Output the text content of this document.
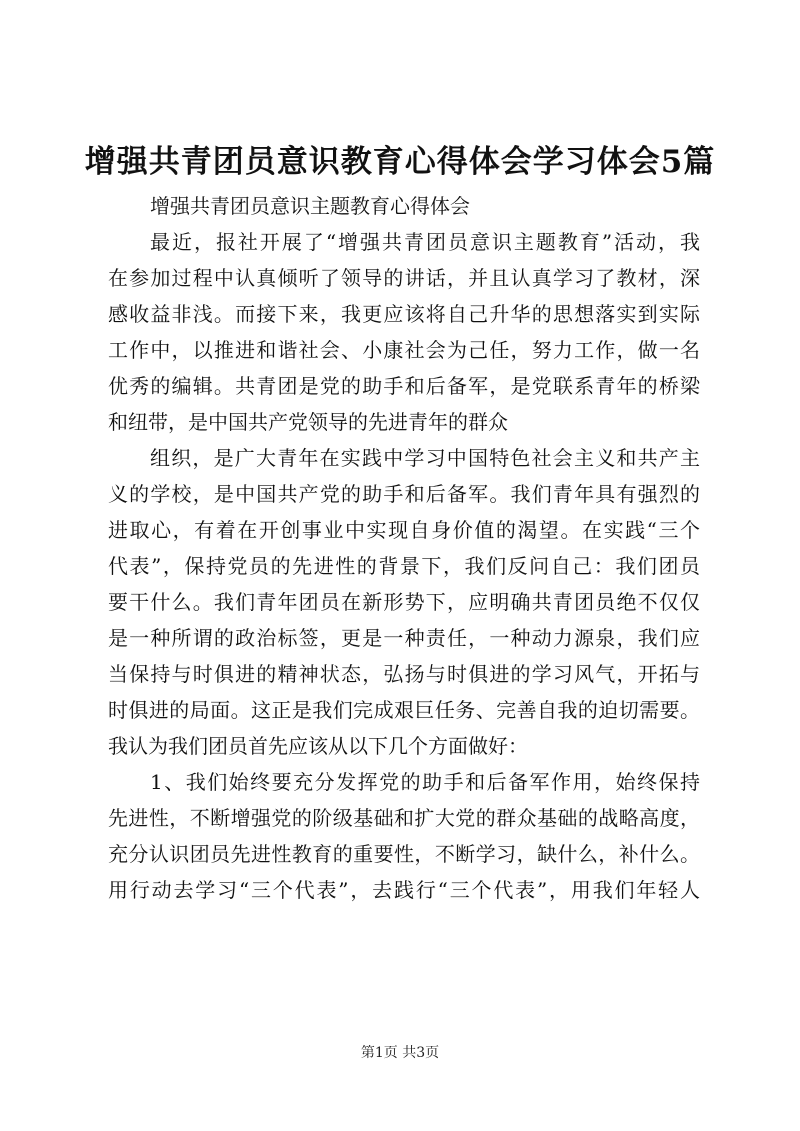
增强共青团员意识教育心得体会学习体会5篇

增强共青团员意识主题教育心得体会

最近，报社开展了“增强共青团员意识主题教育”活动，我
在参加过程中认真倾听了领导的讲话，并且认真学习了教材，深
感收益非浅。而接下来，我更应该将自己升华的思想落实到实际
工作中，以推进和谐社会、小康社会为己任，努力工作，做一名
优秀的编辑。共青团是党的助手和后备军，是党联系青年的桥梁
和纽带，是中国共产党领导的先进青年的群众

组织，是广大青年在实践中学习中国特色社会主义和共产主
义的学校，是中国共产党的助手和后备军。我们青年具有强烈的
进取心，有着在开创事业中实现自身价值的渴望。在实践“三个
代表”，保持党员的先进性的背景下，我们反问自己：我们团员
要干什么。我们青年团员在新形势下，应明确共青团员绝不仅仅
是一种所谓的政治标签，更是一种责任，一种动力源泉，我们应
当保持与时俱进的精神状态，弘扬与时俱进的学习风气，开拓与
时俱进的局面。这正是我们完成艰巨任务、完善自我的迫切需要。
我认为我们团员首先应该从以下几个方面做好：

1、我们始终要充分发挥党的助手和后备军作用，始终保持
先进性，不断增强党的阶级基础和扩大党的群众基础的战略高度，
充分认识团员先进性教育的重要性，不断学习，缺什么，补什么。
用行动去学习“三个代表”，去践行“三个代表”，用我们年轻人

第1页 共3页
